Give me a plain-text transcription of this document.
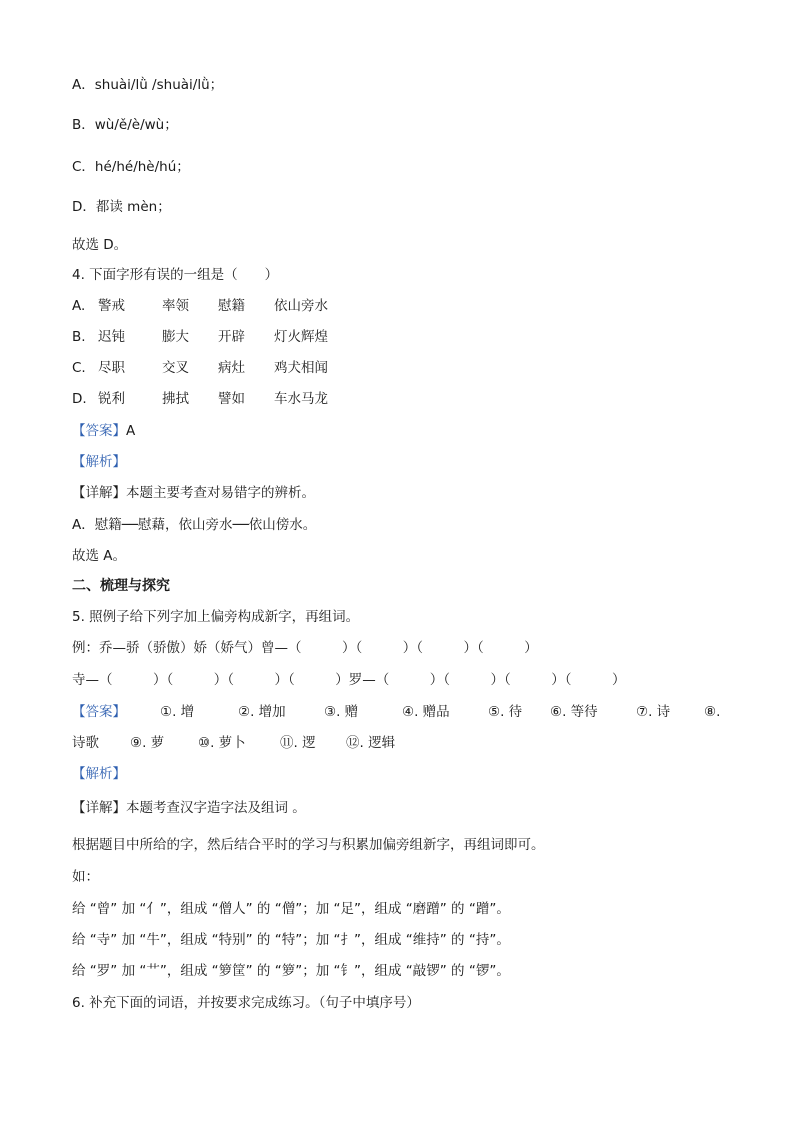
A．shuài/lǜ /shuài/lǜ；
B．wù/ě/è/wù；
C．hé/hé/hè/hú；
D．都读 mèn；
故选 D。
4. 下面字形有误的一组是（　　）
A. 警戒	率领 慰籍 依山旁水
B. 迟钝	膨大 开辟 灯火辉煌
C. 尽职	交叉 病灶 鸡犬相闻
D. 锐利	拂拭 譬如 车水马龙
【答案】A
【解析】
【详解】本题主要考查对易错字的辨析。
A．慰籍──慰藉，依山旁水──依山傍水。
故选 A。
二、梳理与探究
5. 照例子给下列字加上偏旁构成新字，再组词。
例：乔—骄（骄傲）娇（娇气）曾—（　　　）（　　　）（　　　）（　　　）
寺—（　　　）（　　　）（　　　）（　　　）罗—（　　　）（　　　）（　　　）（　　　）
【答案】	①. 增	②. 增加	③. 赠	④. 赠品	⑤. 待 ⑥. 等待	⑦. 诗	⑧.
诗歌 ⑨. 萝	⑩. 萝卜	⑪. 逻 ⑫. 逻辑
【解析】
【详解】本题考查汉字造字法及组词 。
根据题目中所给的字，然后结合平时的学习与积累加偏旁组新字，再组词即可。
如：
给 “曾” 加 “亻”，组成 “僧人” 的 “僧”；加 “足”，组成 “磨蹭” 的 “蹭”。
给 “寺” 加 “牛”，组成 “特别” 的 “特”；加 “扌”，组成 “维持” 的 “持”。
给 “罗” 加 “⺾”，组成 “箩筐” 的 “箩”；加 “钅”，组成 “敲锣” 的 “锣”。
6. 补充下面的词语，并按要求完成练习。（句子中填序号）
